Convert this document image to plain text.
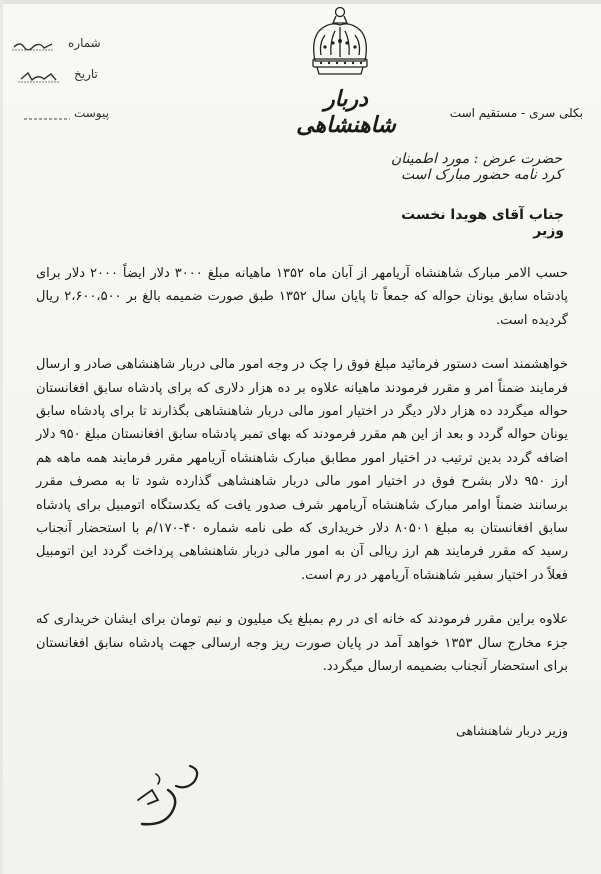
شماره
تاریخ
پیوست
دربار شاهنشاهی	بکلی سری - مستقیم است
حضرت عرض : مورد اطمینان کرد نامه حضور مبارک است
جناب آقای هویدا نخست وزیر

حسب الامر مبارک شاهنشاه آریامهر از آبان ماه ۱۳۵۲ ماهیانه مبلغ ۳۰۰۰ دلار ایضاً ۲۰۰۰ دلار برای پادشاه سابق یونان حواله که جمعاً تا پایان سال ۱۳۵۲ طبق صورت ضمیمه بالغ بر ۲،۶۰۰،۵۰۰ ریال گردیده است.

خواهشمند است دستور فرمائید مبلغ فوق را چک در وجه امور مالی دربار شاهنشاهی صادر و ارسال فرمایند ضمناً امر و مقرر فرمودند ماهیانه علاوه بر ده هزار دلاری که برای پادشاه سابق افغانستان حواله میگردد ده هزار دلار دیگر در اختیار امور مالی دربار شاهنشاهی بگذارند تا برای پادشاه سابق یونان حواله گردد و بعد از این هم مقرر فرمودند که بهای تمبر پادشاه سابق افغانستان مبلغ ۹۵۰ دلار اضافه گردد بدین ترتیب در اختیار امور مطابق مبارک شاهنشاه آریامهر مقرر فرمایند همه ماهه هم ارز ۹۵۰ دلار بشرح فوق در اختیار امور مالی دربار شاهنشاهی گذارده شود تا به مصرف مقرر برسانند ضمناً اوامر مبارک شاهنشاه آریامهر شرف صدور یافت که یکدستگاه اتومبیل برای پادشاه سابق افغانستان به مبلغ ۸۰۵۰۱ دلار خریداری که طی نامه شماره ۴۰-۱۷۰/م با استحضار آنجناب رسید که مقرر فرمایند هم ارز ریالی آن به امور مالی دربار شاهنشاهی پرداخت گردد این اتومبیل فعلاً در اختیار سفیر شاهنشاه آریامهر در رم است.

علاوه براین مقرر فرمودند که خانه ای در رم بمبلغ یک میلیون و نیم تومان برای ایشان خریداری که جزء مخارج سال ۱۳۵۳ خواهد آمد در پایان صورت ریز وجه ارسالی جهت پادشاه سابق افغانستان برای استحضار آنجناب بضمیمه ارسال میگردد.

وزیر دربار شاهنشاهی
